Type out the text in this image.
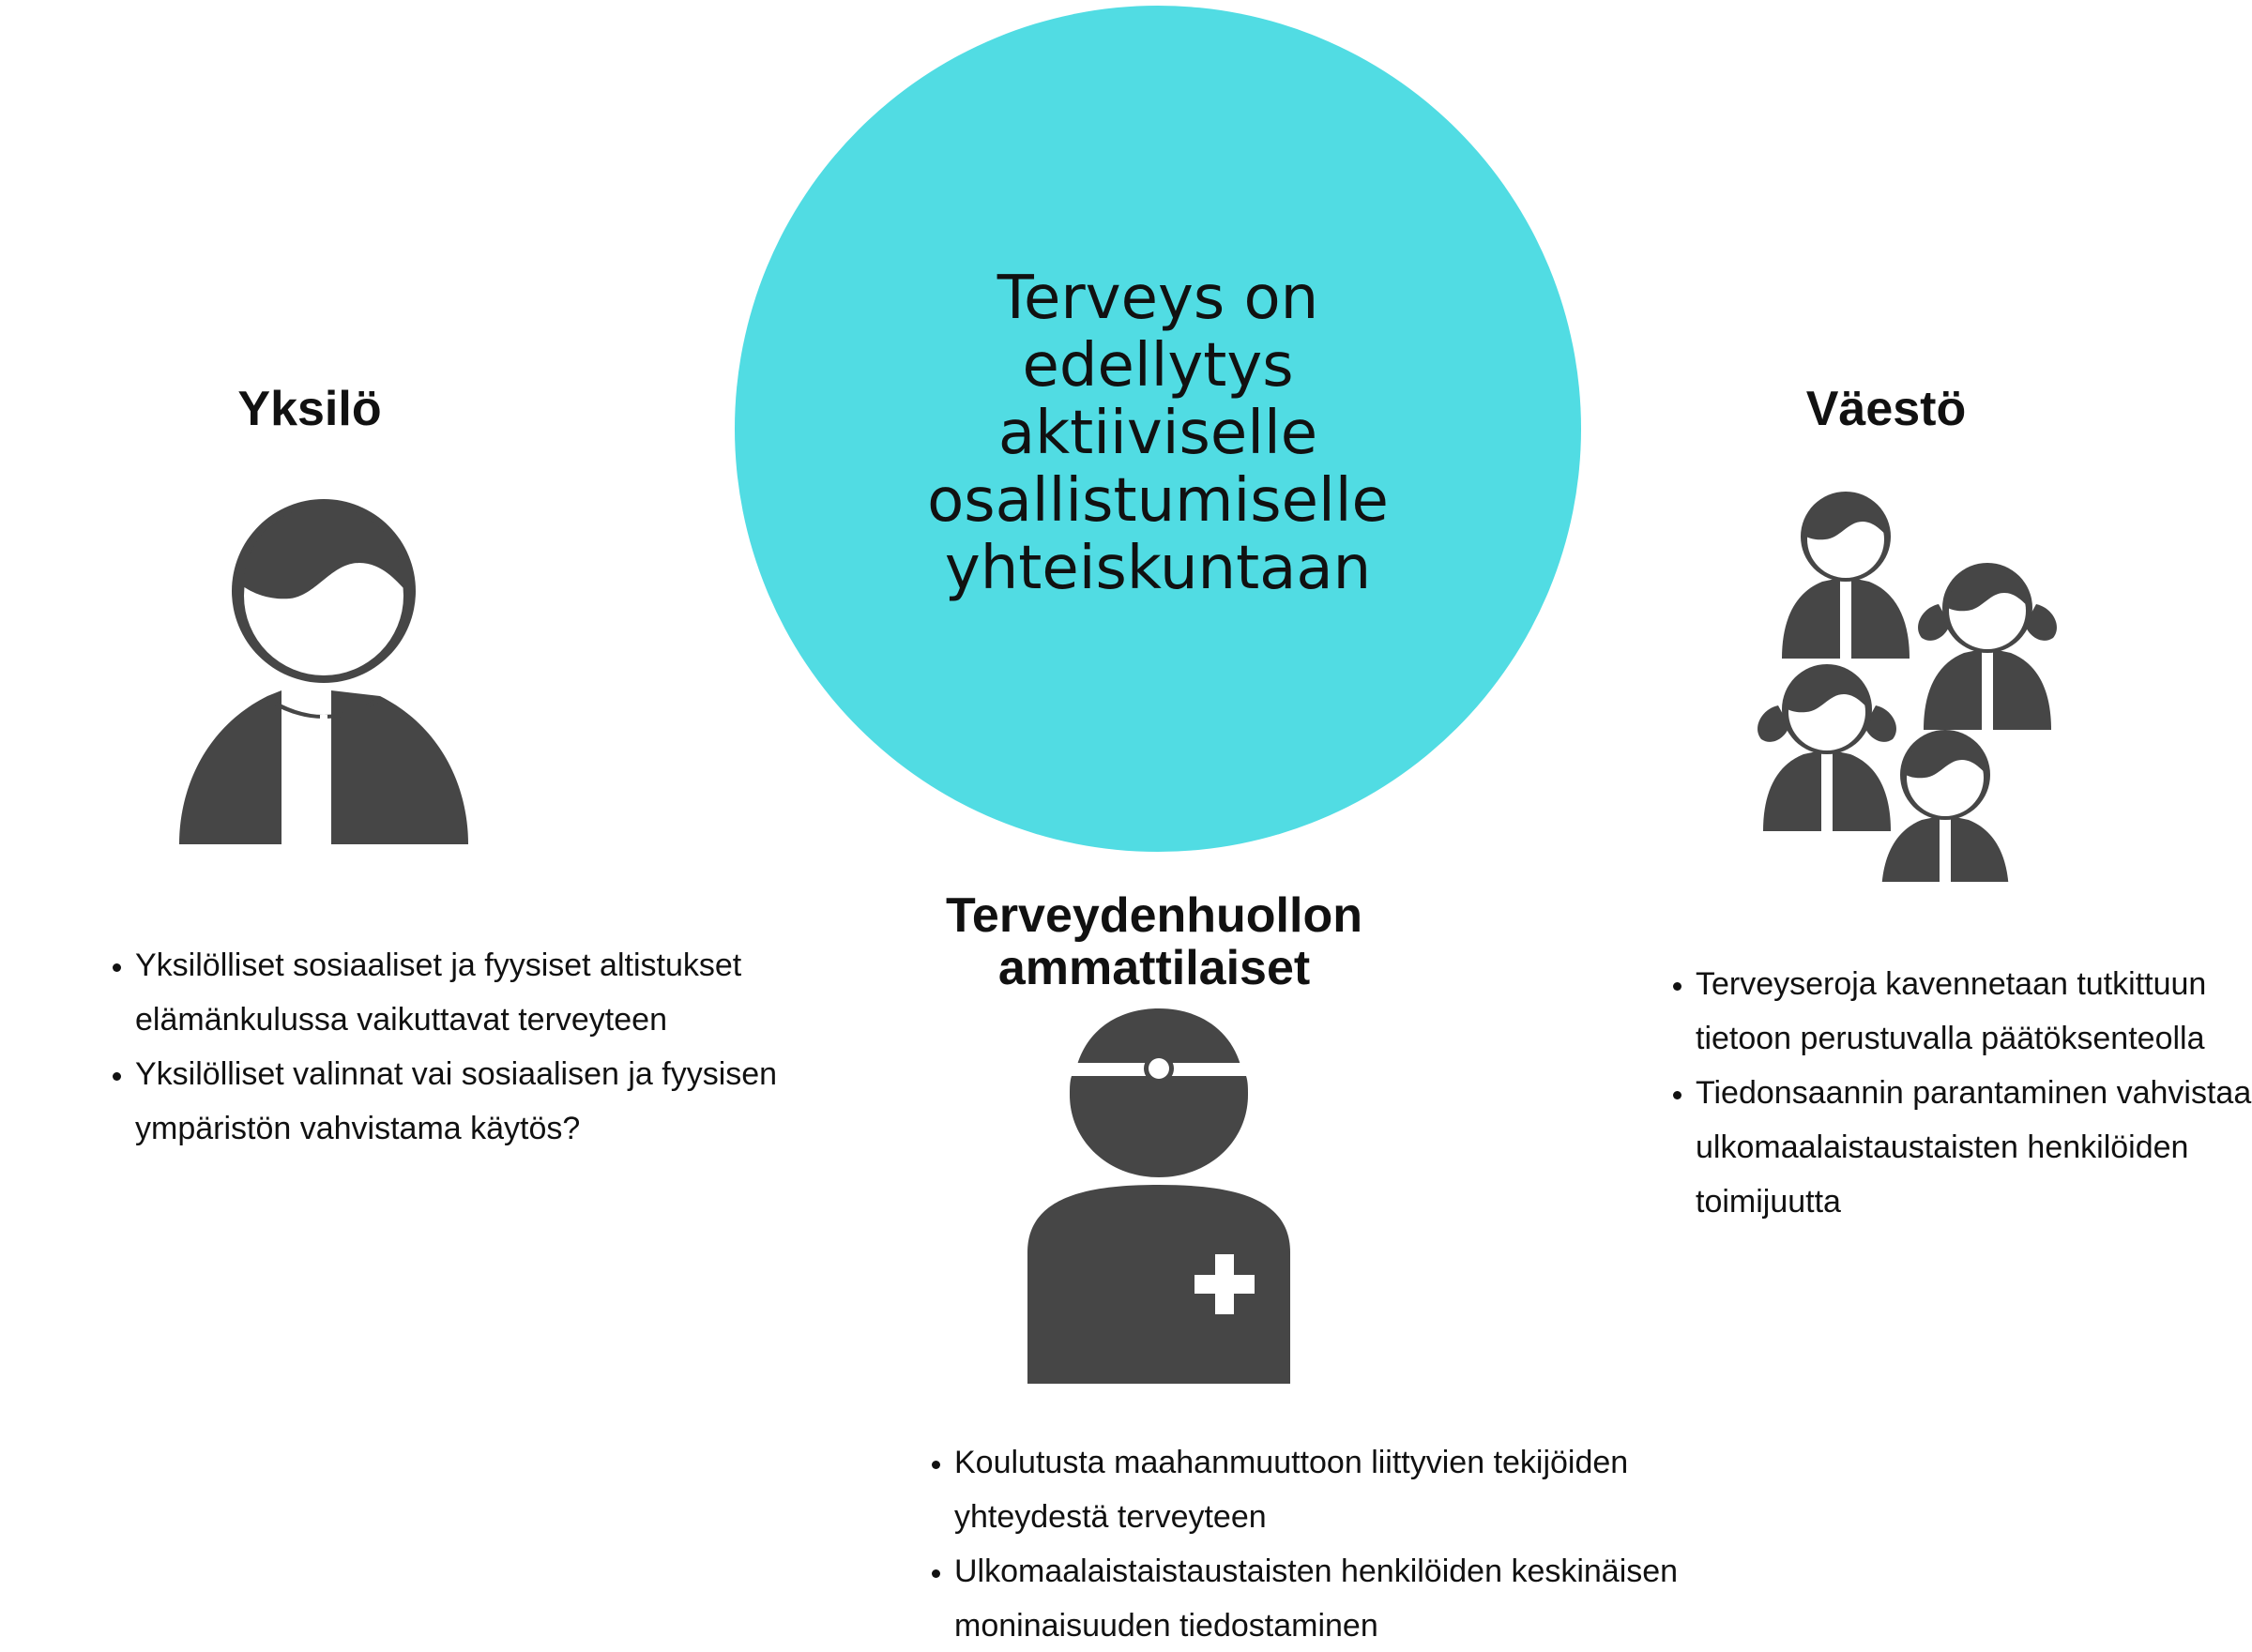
Terveys on
edellytys
aktiiviselle
osallistumiselle
yhteiskuntaan
Yksilö
• Yksilölliset sosiaaliset ja fyysiset altistukset elämänkulussa vaikuttavat terveyteen
• Yksilölliset valinnat vai sosiaalisen ja fyysisen ympäristön vahvistama käytös?
Väestö
• Terveyseroja kavennetaan tutkittuun tietoon perustuvalla päätöksenteolla
• Tiedonsaannin parantaminen vahvistaa ulkomaalaistaustaisten henkilöiden toimijuutta
Terveydenhuollon
ammattilaiset
• Koulutusta maahanmuuttoon liittyvien tekijöiden yhteydestä terveyteen
• Ulkomaalaistaistaustaisten henkilöiden keskinäisen moninaisuuden tiedostaminen
